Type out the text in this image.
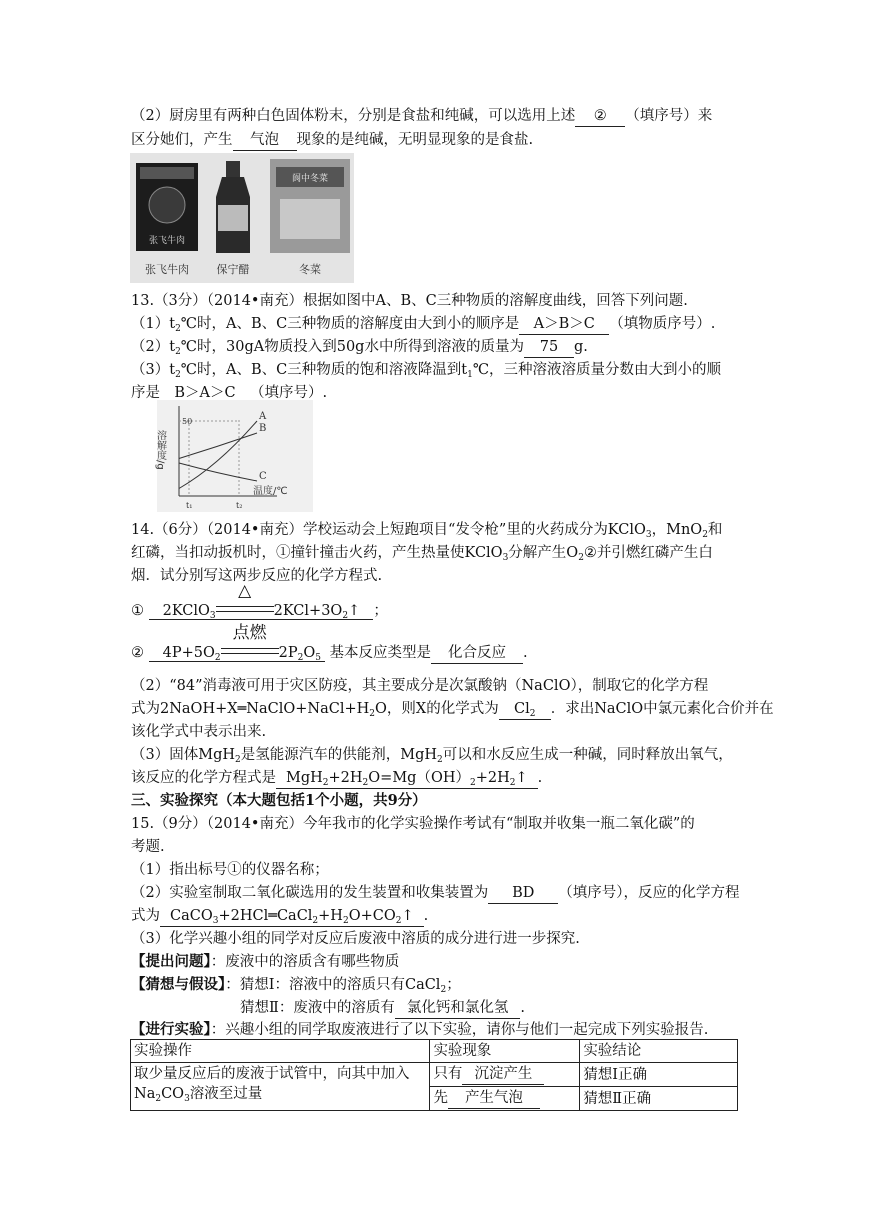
（2）厨房里有两种白色固体粉末，分别是食盐和纯碱，可以选用上述 ② （填序号）来
区分她们，产生 气泡 现象的是纯碱，无明显现象的是食盐.
张飞牛肉
阆中冬菜
张飞牛肉	保宁醋	冬菜
13.（3分）（2014•南充）根据如图中A、B、C三种物质的溶解度曲线，回答下列问题.
$(1)t_2℃$时，A、B、C三种物质的溶解度由大到小的顺序是 A＞B＞C （填物质序号）.
$(2)t_2℃$时，30gA物质投入到50g水中所得到溶液的质量为 75 g.
$(3)t_2℃$时，A、B、C三种物质的饱和溶液降温到$t_1℃$，三种溶液溶质量分数由大到小的顺
序是 B＞A＞C （填序号）.
溶解度/g
温度/℃
t₁	t₂
50	A
B
C
14.（6分）（2014•南充）学校运动会上短跑项目“发令枪”里的火药成分为KClO$_3$，MnO$_2$和
红磷，当扣动扳机时，①撞针撞击火药，产生热量使KClO$_3$分解产生$O_2②$并引燃红磷产生白
烟．试分别写这两步反应的化学方程式.
① 2KClO$_3$
△
$2KCl+3O_2↑$ ；
② $4P+5O_2$
点燃
$2P_2O_5$ 基本反应类型是 化合反应 .
（2）“84”消毒液可用于灾区防疫，其主要成分是次氯酸钠（NaClO），制取它的化学方程
式为$2NaOH+X═NaClO+NaCl+H_2O$，则X的化学式为 $Cl_2$ ．求出NaClO中氯元素化合价并在
该化学式中表示出来.
（3）固体MgH$_2$是氢能源汽车的供能剂，MgH$_2$可以和水反应生成一种碱，同时释放出氧气，
该反应的化学方程式是 $MgH_2+2H_2O=Mg(OH)_2+2H_2↑$ .
三、实验探究（本大题包括1个小题，共9分）
15.（9分）（2014•南充）今年我市的化学实验操作考试有“制取并收集一瓶二氧化碳”的
考题.
（1）指出标号①的仪器名称；
（2）实验室制取二氧化碳选用的发生装置和收集装置为 BD （填序号），反应的化学方程
式为 $CaCO_3+2HCl═CaCl_2+H_2O+CO_2↑$ .
（3）化学兴趣小组的同学对反应后废液中溶质的成分进行进一步探究.
【提出问题】：废液中的溶质含有哪些物质
【猜想与假设】：猜想Ⅰ：溶液中的溶质只有CaCl$_2$；
猜想Ⅱ：废液中的溶质有 氯化钙和氯化氢 .
【进行实验】：兴趣小组的同学取废液进行了以下实验，请你与他们一起完成下列实验报告.
实验操作	实验现象	实验结论

取少量反应后的废液于试管中，向其中加入
$Na_2CO_3$溶液至过量	只有 沉淀产生	猜想Ⅰ正确
	先 产生气泡	猜想Ⅱ正确
